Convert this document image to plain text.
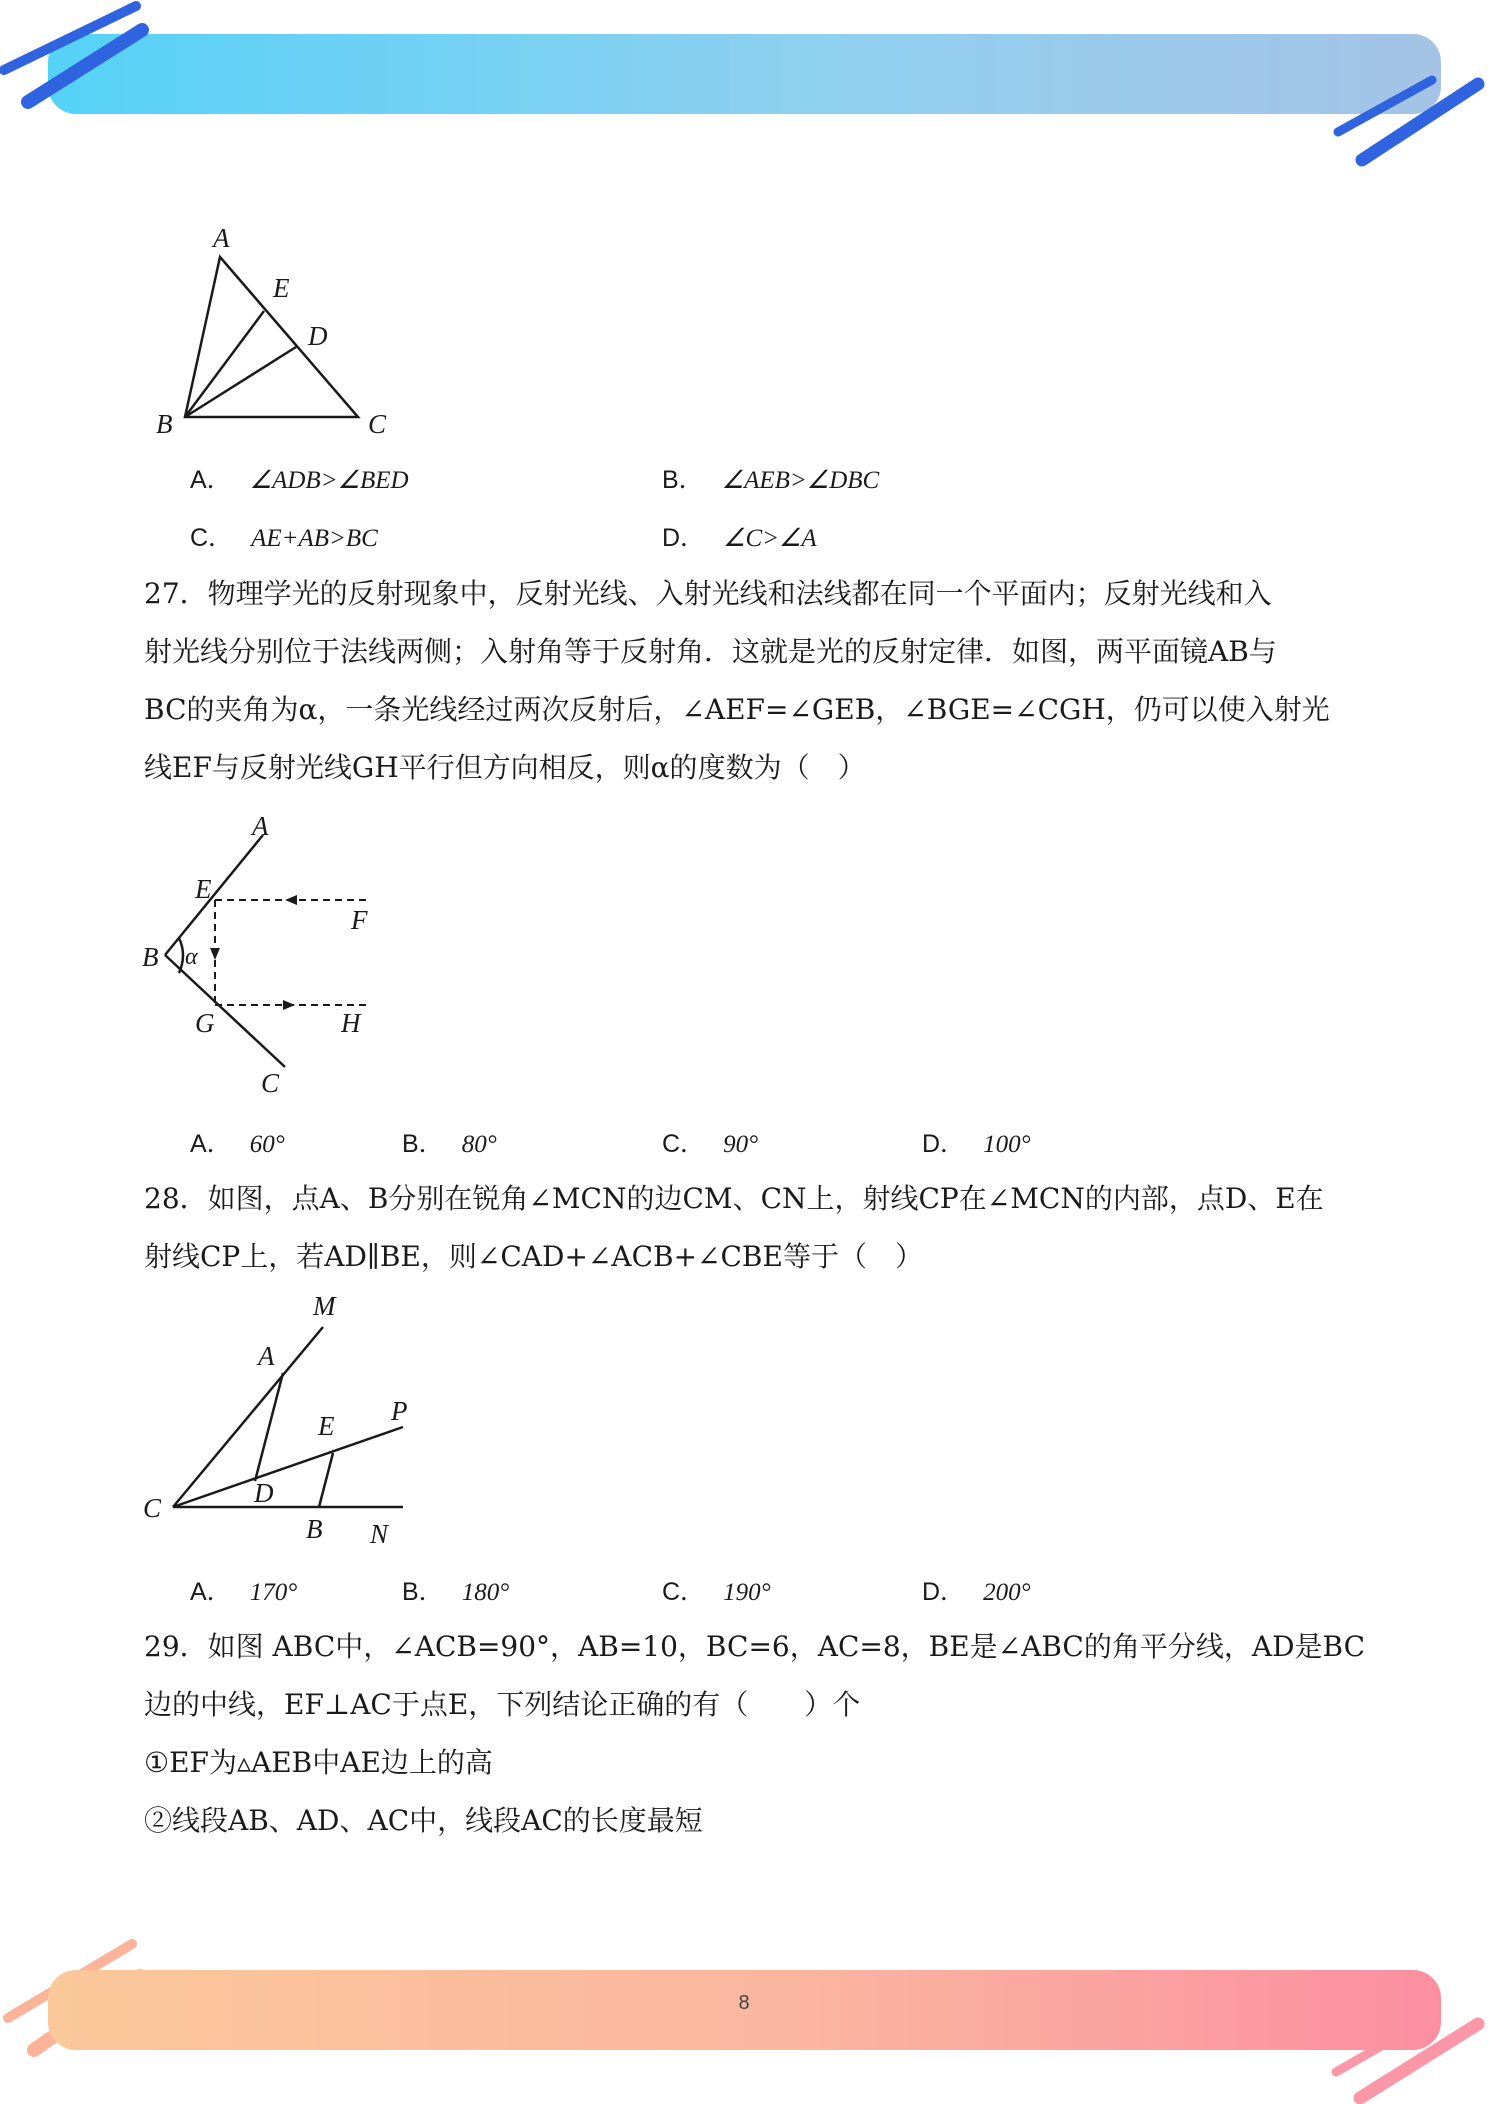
A
E
D
B	C
A． ∠ADB>∠BED	B． ∠AEB>∠DBC
C． AE+AB>BC	D． ∠C>∠A
27．物理学光的反射现象中，反射光线、入射光线和法线都在同一个平面内；反射光线和入
射光线分别位于法线两侧；入射角等于反射角．这就是光的反射定律．如图，两平面镜AB与
BC的夹角为α，一条光线经过两次反射后，∠AEF=∠GEB，∠BGE=∠CGH，仍可以使入射光
线EF与反射光线GH平行但方向相反，则α的度数为（　）
A
E
F
B α
G	H
C
A． 60°	B． 80°	C． 90°	D． 100°
28．如图，点A、B分别在锐角∠MCN的边CM、CN上，射线CP在∠MCN的内部，点D、E在
射线CP上，若AD∥BE，则∠CAD+∠ACB+∠CBE等于（　）
M
A
E P
C	D
B N
A． 170°	B． 180°	C． 190°	D． 200°
29．如图 ABC中，∠ACB=90°，AB=10，BC=6，AC=8，BE是∠ABC的角平分线，AD是BC
边的中线，EF⊥AC于点E，下列结论正确的有（　　）个
①EF为▵AEB中AE边上的高
②线段AB、AD、AC中，线段AC的长度最短
8
